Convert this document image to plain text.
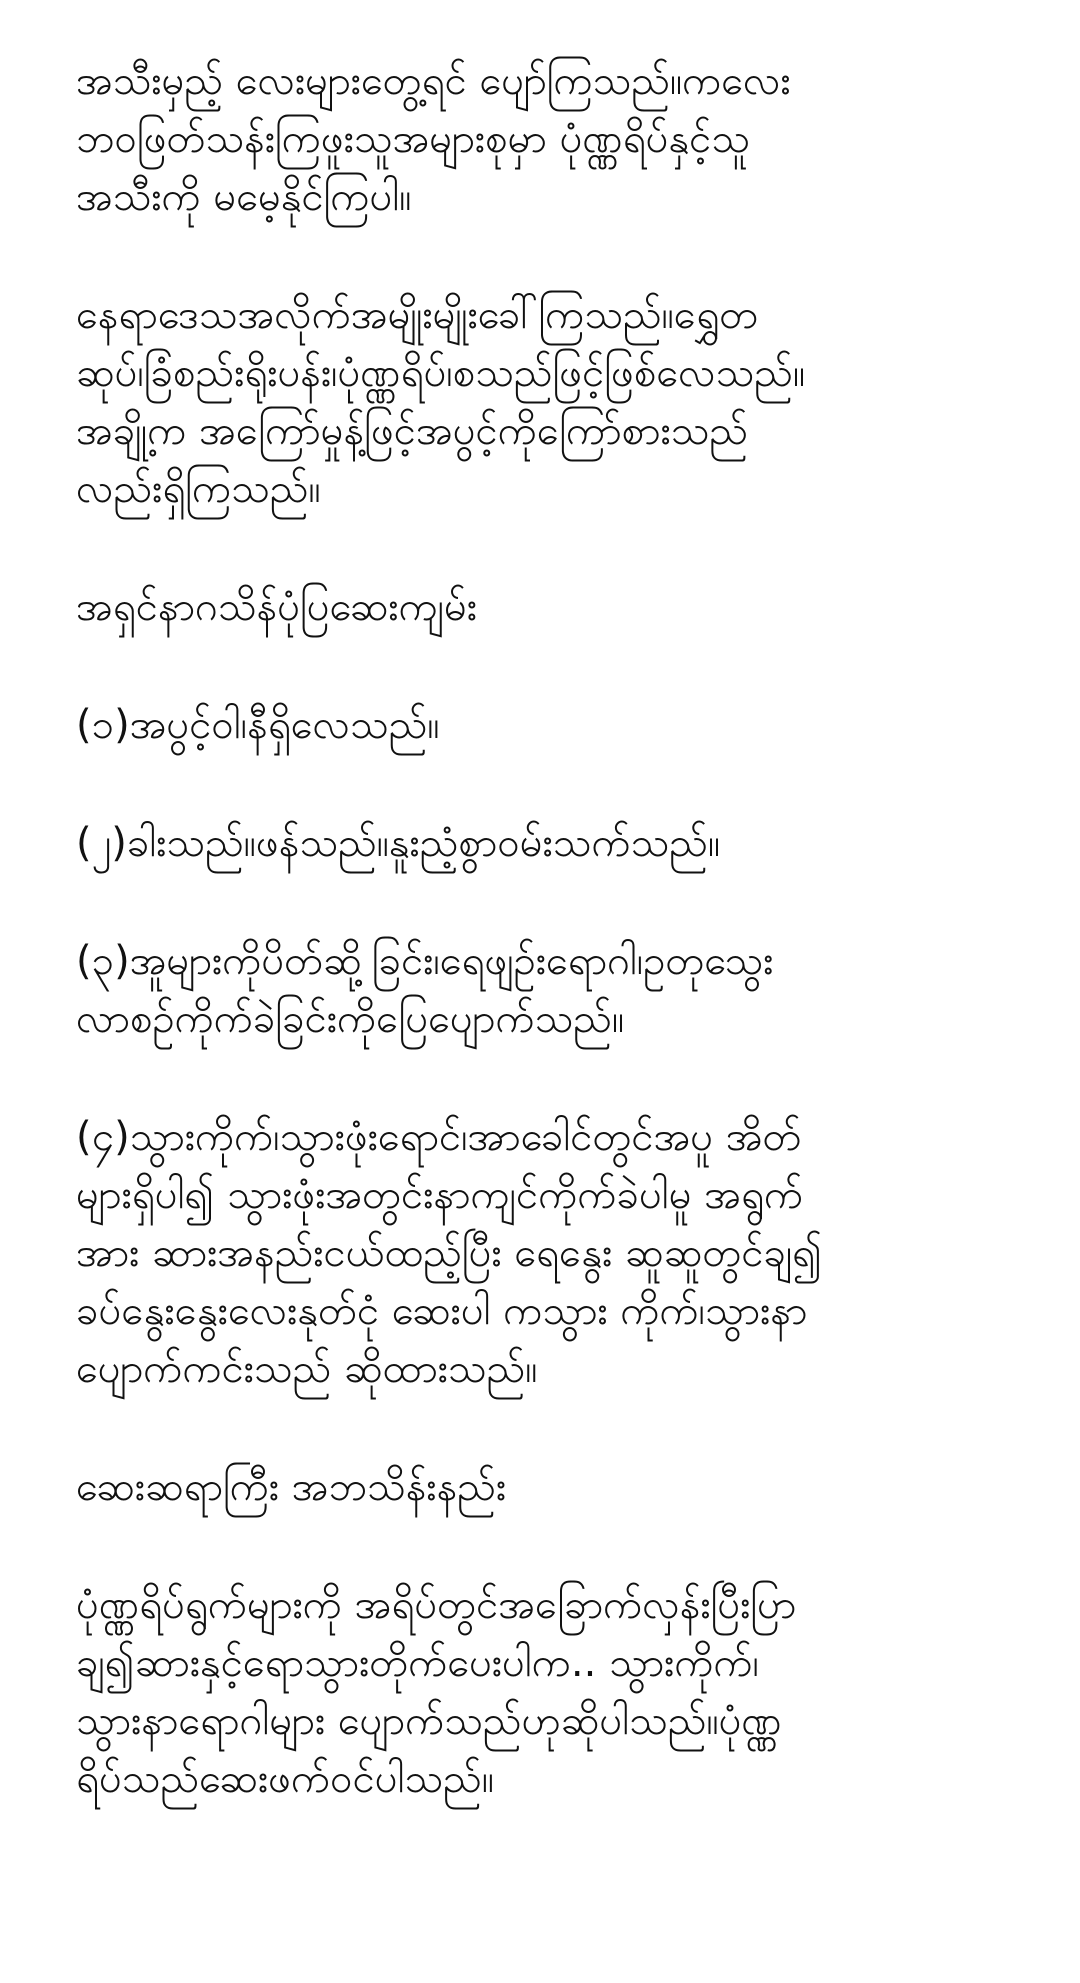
အသီးမှည့် လေးများတွေ့ရင် ပျော်ကြသည်။ကလေး
ဘဝဖြတ်သန်းကြဖူးသူအများစုမှာ ပုံဏ္ဏရိပ်နှင့်သူ
အသီးကို မမေ့နိုင်ကြပါ။
နေရာဒေသအလိုက်အမျိုးမျိုးခေါ်ကြသည်။ရွှေတ
ဆုပ်၊ခြံစည်းရိုးပန်း၊ပုံဏ္ဏရိပ်၊စသည်ဖြင့်ဖြစ်လေသည်။
အချို့က အကြော်မှုန့်ဖြင့်အပွင့်ကိုကြော်စားသည်
လည်းရှိကြသည်။
အရှင်နာဂသိန်ပုံပြဆေးကျမ်း
(၁)အပွင့်ဝါ၊နီရှိလေသည်။
(၂)ခါးသည်။ဖန်သည်။နူးညံ့စွာဝမ်းသက်သည်။
(၃)အူများကိုပိတ်ဆို့ခြင်း၊ရေဖျဉ်းရောဂါ၊ဥတုသွေး
လာစဉ်ကိုက်ခဲခြင်းကိုပြေပျောက်သည်။
(၄)သွားကိုက်၊သွားဖုံးရောင်၊အာခေါင်တွင်အပူ အိတ်
များရှိပါ၍ သွားဖုံးအတွင်းနာကျင်ကိုက်ခဲပါမူ အရွက်
အား ဆားအနည်းငယ်ထည့်ပြီး ရေနွေး ဆူဆူတွင်ချ၍
ခပ်နွေးနွေးလေးနုတ်ငုံ ဆေးပါ ကသွား ကိုက်၊သွားနာ
ပျောက်ကင်းသည် ဆိုထားသည်။
ဆေးဆရာကြီး အဘသိန်းနည်း
ပုံဏ္ဏရိပ်ရွက်များကို အရိပ်တွင်အခြောက်လှန်းပြီးပြာ
ချ၍ဆားနှင့်ရောသွားတိုက်ပေးပါက.. သွားကိုက်၊
သွားနာရောဂါများ ပျောက်သည်ဟုဆိုပါသည်။ပုံဏ္ဏ
ရိပ်သည်ဆေးဖက်ဝင်ပါသည်။
